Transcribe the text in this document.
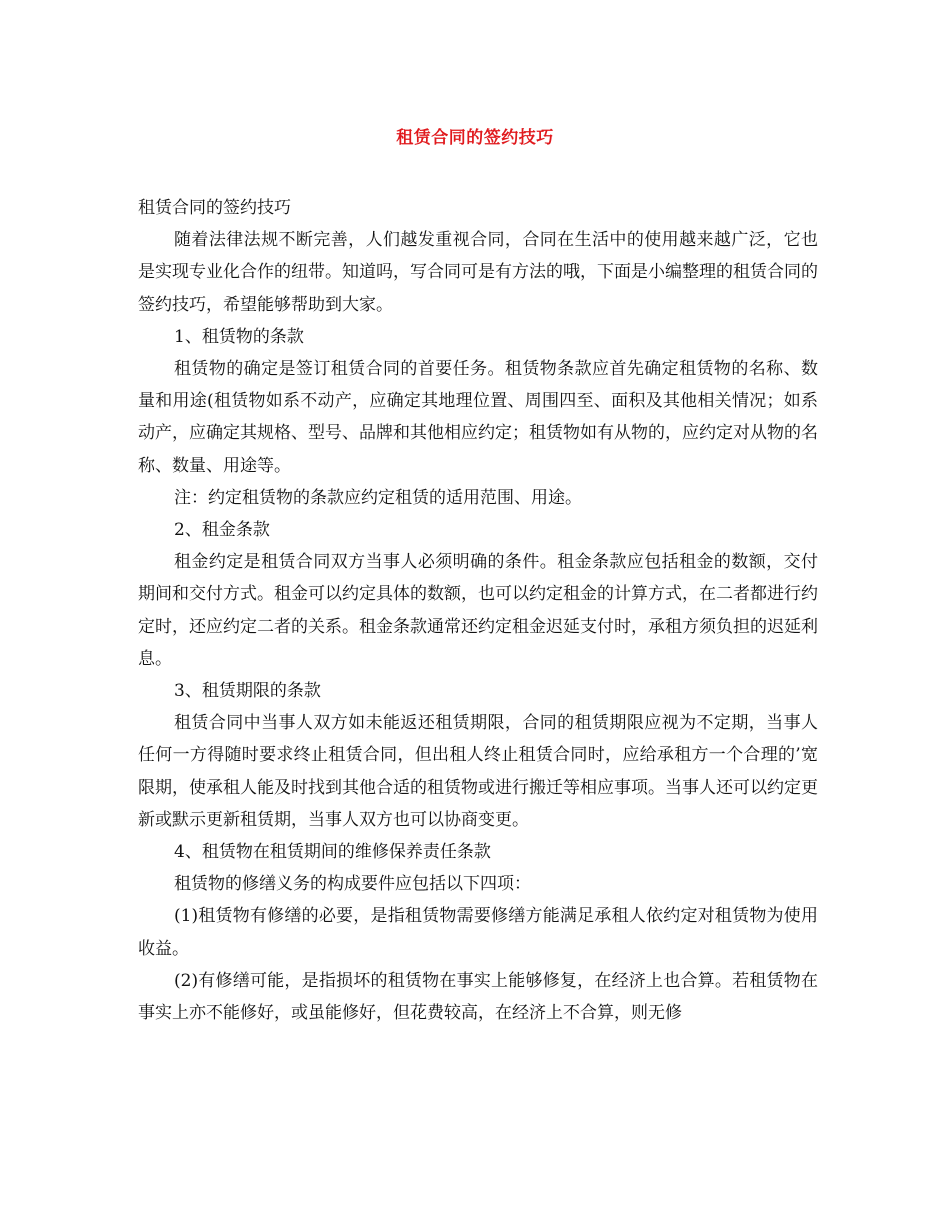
租赁合同的签约技巧

租赁合同的签约技巧

随着法律法规不断完善，人们越发重视合同，合同在生活中的使用越来越广泛，它也是实现专业化合作的纽带。知道吗，写合同可是有方法的哦，下面是小编整理的租赁合同的签约技巧，希望能够帮助到大家。

1、租赁物的条款

租赁物的确定是签订租赁合同的首要任务。租赁物条款应首先确定租赁物的名称、数量和用途(租赁物如系不动产，应确定其地理位置、周围四至、面积及其他相关情况；如系动产，应确定其规格、型号、品牌和其他相应约定；租赁物如有从物的，应约定对从物的名称、数量、用途等。

注：约定租赁物的条款应约定租赁的适用范围、用途。

2、租金条款

租金约定是租赁合同双方当事人必须明确的条件。租金条款应包括租金的数额，交付期间和交付方式。租金可以约定具体的数额，也可以约定租金的计算方式，在二者都进行约定时，还应约定二者的关系。租金条款通常还约定租金迟延支付时，承租方须负担的迟延利息。

3、租赁期限的条款

租赁合同中当事人双方如未能返还租赁期限，合同的租赁期限应视为不定期，当事人任何一方得随时要求终止租赁合同，但出租人终止租赁合同时，应给承租方一个合理的’宽限期，使承租人能及时找到其他合适的租赁物或进行搬迁等相应事项。当事人还可以约定更新或默示更新租赁期，当事人双方也可以协商变更。

4、租赁物在租赁期间的维修保养责任条款

租赁物的修缮义务的构成要件应包括以下四项：

(1)租赁物有修缮的必要，是指租赁物需要修缮方能满足承租人依约定对租赁物为使用收益。

(2)有修缮可能，是指损坏的租赁物在事实上能够修复，在经济上也合算。若租赁物在事实上亦不能修好，或虽能修好，但花费较高，在经济上不合算，则无修
